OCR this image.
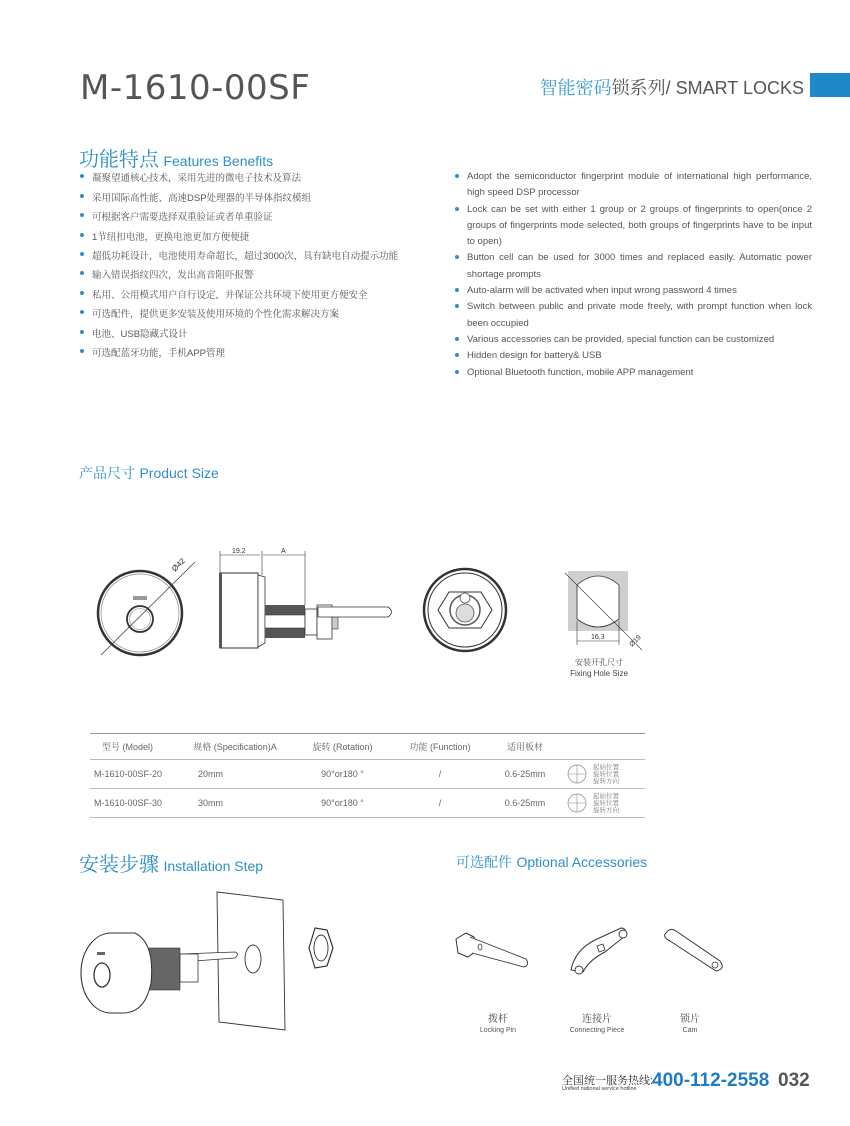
M-1610-00SF	智能密码锁系列/ SMART LOCKS
功能特点 Features Benefits
凝聚望通核心技术，采用先进的微电子技术及算法
采用国际高性能、高速DSP处理器的半导体指纹模组
可根据客户需要选择双重验证或者单重验证
1节纽扣电池，更换电池更加方便便捷
超低功耗设计，电池使用寿命超长，超过3000次，具有缺电自动提示功能
输入错误指纹四次，发出高音阻吓报警
私用、公用模式用户自行设定，并保证公共环境下使用更方便安全
可选配件，提供更多安装及使用环境的个性化需求解决方案
电池、USB隐藏式设计
可选配蓝牙功能，手机APP管理
Adopt the semiconductor fingerprint module of international high performance, high speed DSP processor
Lock can be set with either 1 group or 2 groups of fingerprints to open(once 2 groups of fingerprints mode selected, both groups of fingerprints have to be input to open)
Button cell can be used for 3000 times and replaced easily. Automatic power shortage prompts
Auto-alarm will be activated when input wrong password 4 times
Switch between public and private mode freely, with prompt function when lock been occupied
Various accessories can be provided, special function can be customized
Hidden design for battery& USB
Optional Bluetooth function, mobile APP management
产品尺寸 Product Size
Ø42
19.2	A
16.3	Ø19
安装开孔尺寸
Fixing Hole Size
型号 (Model)	规格 (Specification)A	旋转 (Rotation)	功能 (Function)	适用板材	
M-1610-00SF-20	20mm	90°or180 °	/	0.6-25mm	起始位置
旋转位置
旋转方向

M-1610-00SF-30	30mm	90°or180 °	/	0.6-25mm	起始位置
旋转位置
旋转方向
安装步骤 Installation Step	可选配件 Optional Accessories
拨杆
Locking Pin
连接片
Connecting Piece
锁片
Cam
全国统一服务热线:
Unified national service hotline 400-112-2558 032
